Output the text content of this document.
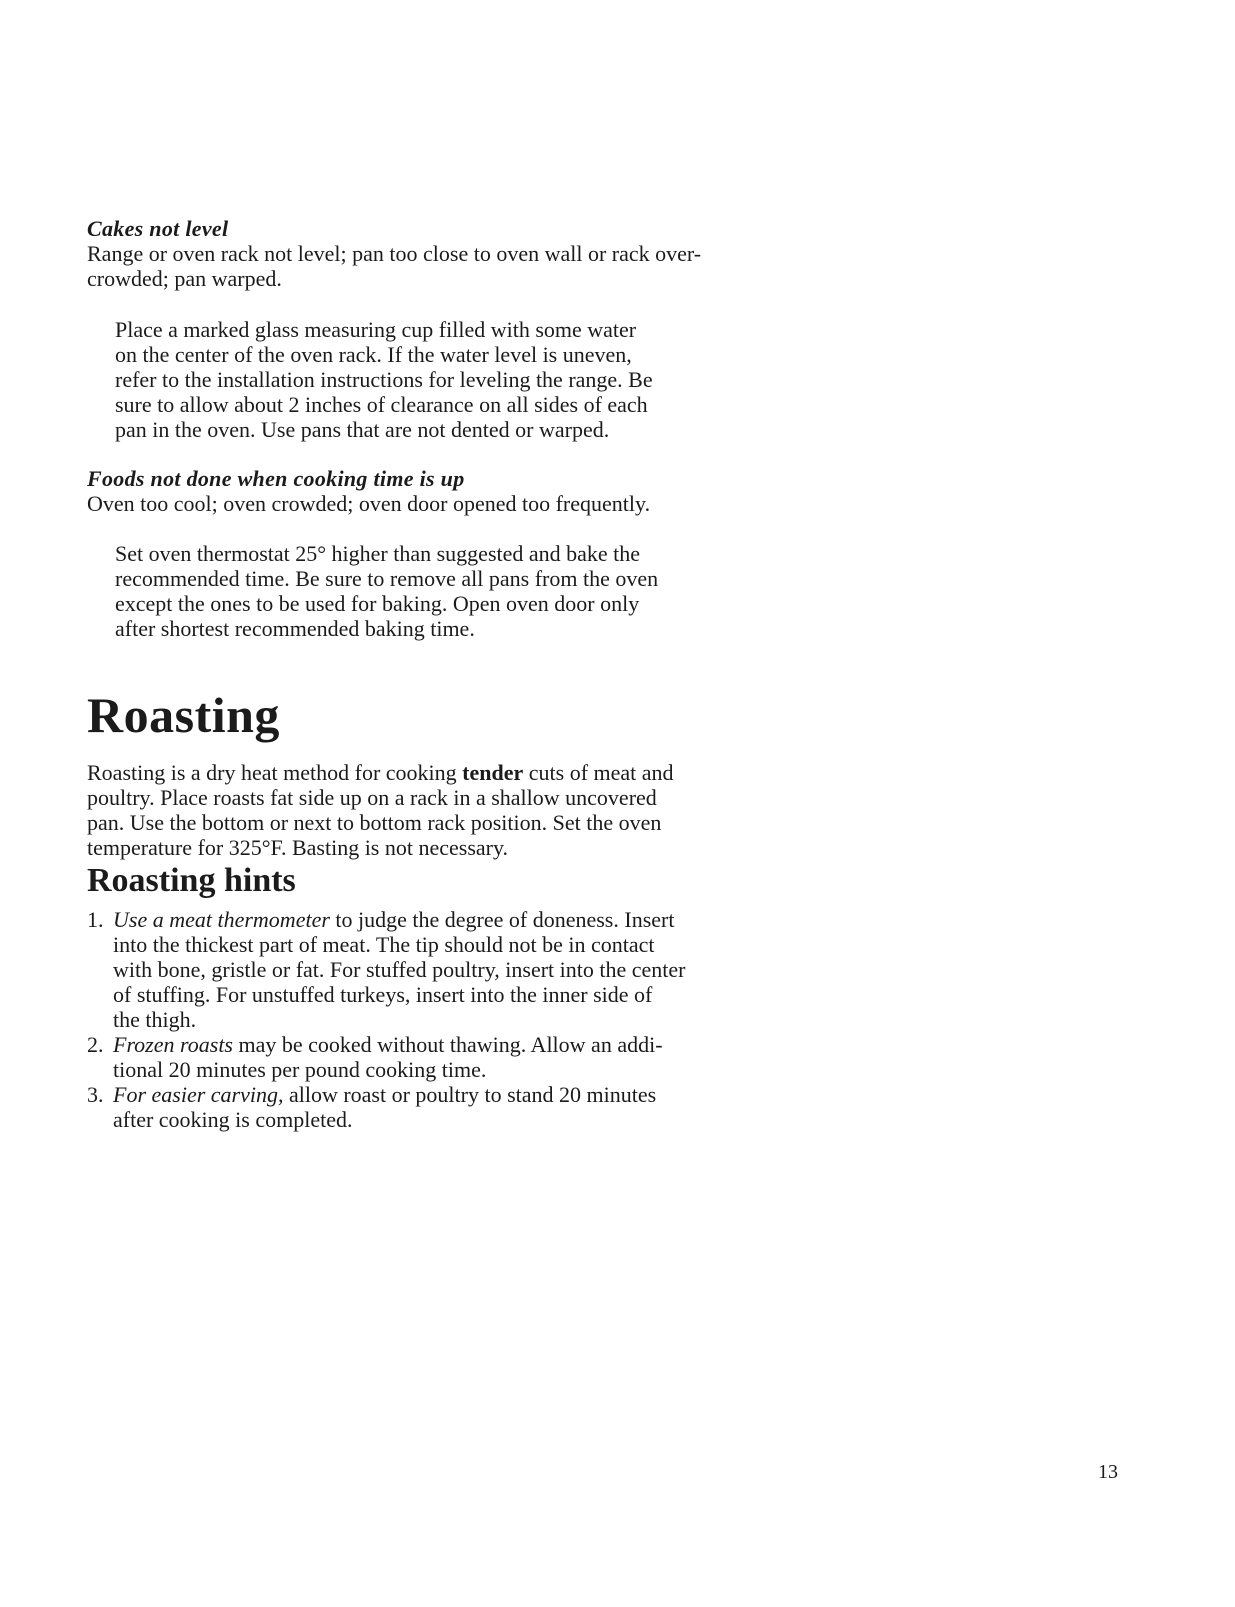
Cakes not level
Range or oven rack not level; pan too close to oven wall or rack over-
crowded; pan warped.
Place a marked glass measuring cup filled with some water
on the center of the oven rack. If the water level is uneven,
refer to the installation instructions for leveling the range. Be
sure to allow about 2 inches of clearance on all sides of each
pan in the oven. Use pans that are not dented or warped.
Foods not done when cooking time is up
Oven too cool; oven crowded; oven door opened too frequently.
Set oven thermostat 25° higher than suggested and bake the
recommended time. Be sure to remove all pans from the oven
except the ones to be used for baking. Open oven door only
after shortest recommended baking time.
Roasting
Roasting is a dry heat method for cooking tender cuts of meat and
poultry. Place roasts fat side up on a rack in a shallow uncovered
pan. Use the bottom or next to bottom rack position. Set the oven
temperature for 325°F. Basting is not necessary.
Roasting hints
1. Use a meat thermometer to judge the degree of doneness. Insert
into the thickest part of meat. The tip should not be in contact
with bone, gristle or fat. For stuffed poultry, insert into the center
of stuffing. For unstuffed turkeys, insert into the inner side of
the thigh.
2. Frozen roasts may be cooked without thawing. Allow an addi-
tional 20 minutes per pound cooking time.
3. For easier carving, allow roast or poultry to stand 20 minutes
after cooking is completed.
13
